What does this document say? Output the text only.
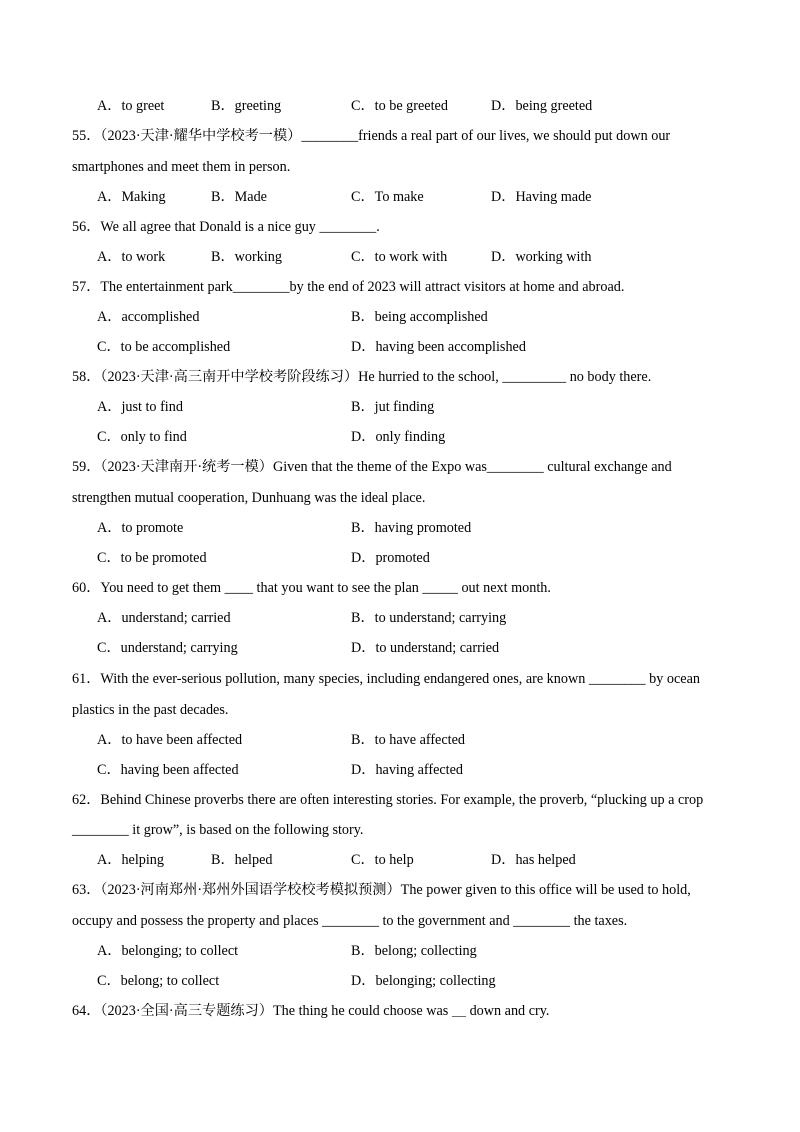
A．to greet	B．greeting	C．to be greeted	D．being greeted
55．（2023·天津·耀华中学校考一模）________friends a real part of our lives, we should put down our
smartphones and meet them in person.
A．Making	B．Made	C．To make	D．Having made
56．We all agree that Donald is a nice guy ________.
A．to work	B．working	C．to work with	D．working with
57．The entertainment park________by the end of 2023 will attract visitors at home and abroad.
A．accomplished	B．being accomplished
C．to be accomplished	D．having been accomplished
58．（2023·天津·高三南开中学校考阶段练习）He hurried to the school, _________ no body there.
A．just to find	B．jut finding
C．only to find	D．only finding
59．（2023·天津南开·统考一模）Given that the theme of the Expo was________ cultural exchange and
strengthen mutual cooperation, Dunhuang was the ideal place.
A．to promote	B．having promoted
C．to be promoted	D．promoted
60．You need to get them ____ that you want to see the plan _____ out next month.
A．understand; carried	B．to understand; carrying
C．understand; carrying	D．to understand; carried
61．With the ever-serious pollution, many species, including endangered ones, are known ________ by ocean
plastics in the past decades.
A．to have been affected	B．to have affected
C．having been affected	D．having affected
62．Behind Chinese proverbs there are often interesting stories. For example, the proverb, “plucking up a crop
________ it grow”, is based on the following story.
A．helping	B．helped	C．to help	D．has helped
63．（2023·河南郑州·郑州外国语学校校考模拟预测）The power given to this office will be used to hold,
occupy and possess the property and places ________ to the government and ________ the taxes.
A．belonging; to collect	B．belong; collecting
C．belong; to collect	D．belonging; collecting
64．（2023·全国·高三专题练习）The thing he could choose was ＿ down and cry.
